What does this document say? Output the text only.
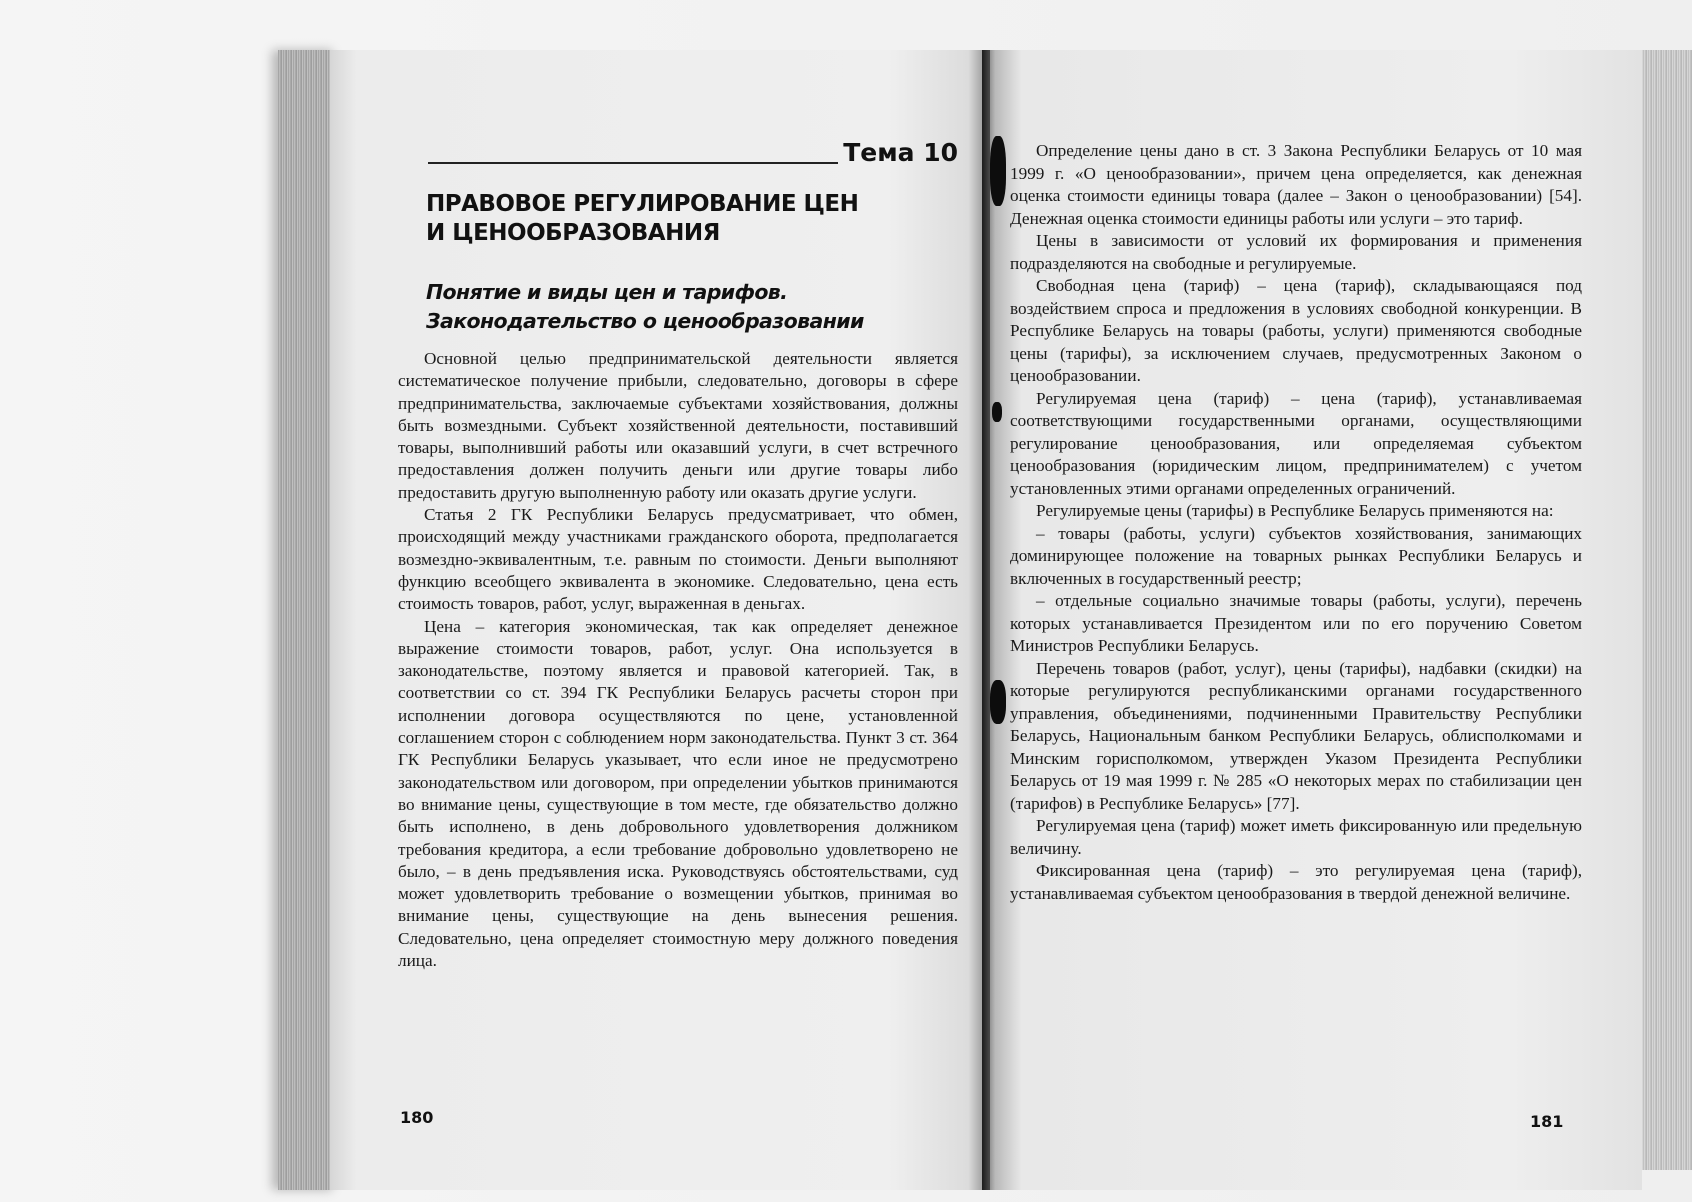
Тема 10
ПРАВОВОЕ РЕГУЛИРОВАНИЕ ЦЕН
И ЦЕНООБРАЗОВАНИЯ
Понятие и виды цен и тарифов.
Законодательство о ценообразовании

Основной целью предпринимательской деятельности является систематическое получение прибыли, следовательно, договоры в сфере предпринимательства, заключаемые субъектами хозяйствования, должны быть возмездными. Субъект хозяйственной деятельности, поставивший товары, выполнивший работы или оказавший услуги, в счет встречного предоставления должен получить деньги или другие товары либо предоставить другую выполненную работу или оказать другие услуги.

Статья 2 ГК Республики Беларусь предусматривает, что обмен, происходящий между участниками гражданского оборота, предполагается возмездно-эквивалентным, т.е. равным по стоимости. Деньги выполняют функцию всеобщего эквивалента в экономике. Следовательно, цена есть стоимость товаров, работ, услуг, выраженная в деньгах.

Цена – категория экономическая, так как определяет денежное выражение стоимости товаров, работ, услуг. Она используется в законодательстве, поэтому является и правовой категорией. Так, в соответствии со ст. 394 ГК Республики Беларусь расчеты сторон при исполнении договора осуществляются по цене, установленной соглашением сторон с соблюдением норм законодательства. Пункт 3 ст. 364 ГК Республики Беларусь указывает, что если иное не предусмотрено законодательством или договором, при определении убытков принимаются во внимание цены, существующие в том месте, где обязательство должно быть исполнено, в день добровольного удовлетворения должником требования кредитора, а если требование добровольно удовлетворено не было, – в день предъявления иска. Руководствуясь обстоятельствами, суд может удовлетворить требование о возмещении убытков, принимая во внимание цены, существующие на день вынесения решения. Следовательно, цена определяет стоимостную меру должного поведения лица.

180

Определение цены дано в ст. 3 Закона Республики Беларусь от 10 мая 1999 г. «О ценообразовании», причем цена определяется, как денежная оценка стоимости единицы товара (далее – Закон о ценообразовании) [54]. Денежная оценка стоимости единицы работы или услуги – это тариф.

Цены в зависимости от условий их формирования и применения подразделяются на свободные и регулируемые.

Свободная цена (тариф) – цена (тариф), складывающаяся под воздействием спроса и предложения в условиях свободной конкуренции. В Республике Беларусь на товары (работы, услуги) применяются свободные цены (тарифы), за исключением случаев, предусмотренных Законом о ценообразовании.

Регулируемая цена (тариф) – цена (тариф), устанавливаемая соответствующими государственными органами, осуществляющими регулирование ценообразования, или определяемая субъектом ценообразования (юридическим лицом, предпринимателем) с учетом установленных этими органами определенных ограничений.

Регулируемые цены (тарифы) в Республике Беларусь применяются на:

– товары (работы, услуги) субъектов хозяйствования, занимающих доминирующее положение на товарных рынках Республики Беларусь и включенных в государственный реестр;

– отдельные социально значимые товары (работы, услуги), перечень которых устанавливается Президентом или по его поручению Советом Министров Республики Беларусь.

Перечень товаров (работ, услуг), цены (тарифы), надбавки (скидки) на которые регулируются республиканскими органами государственного управления, объединениями, подчиненными Правительству Республики Беларусь, Национальным банком Республики Беларусь, облисполкомами и Минским горисполкомом, утвержден Указом Президента Республики Беларусь от 19 мая 1999 г. № 285 «О некоторых мерах по стабилизации цен (тарифов) в Республике Беларусь» [77].

Регулируемая цена (тариф) может иметь фиксированную или предельную величину.

Фиксированная цена (тариф) – это регулируемая цена (тариф), устанавливаемая субъектом ценообразования в твердой денежной величине.

181
